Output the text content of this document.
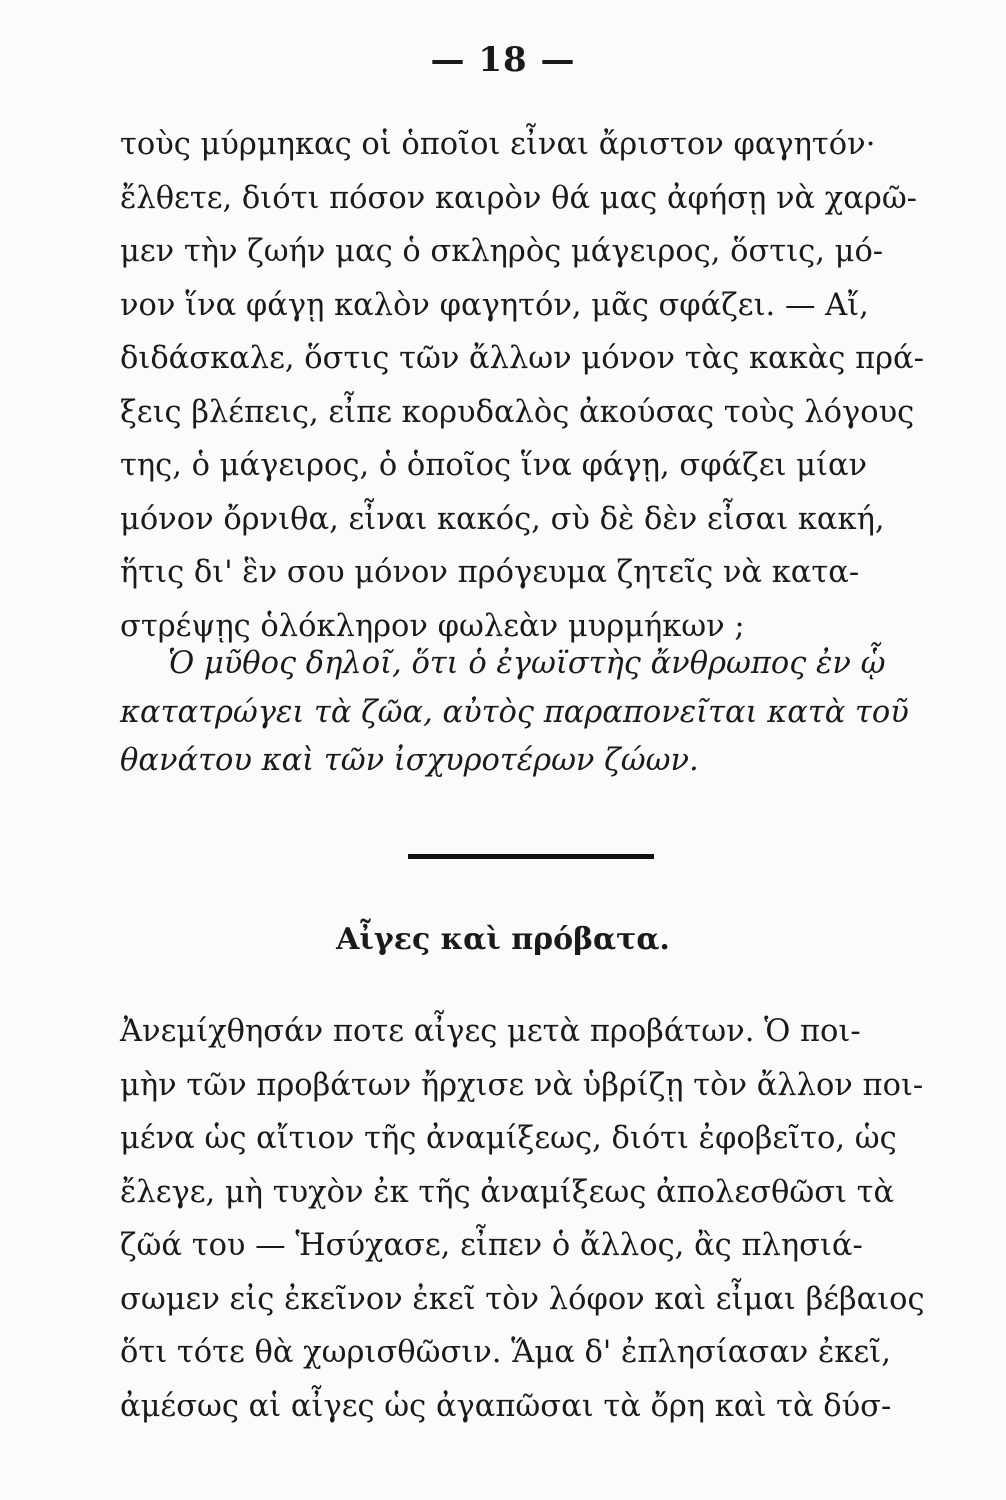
— 18 —
τοὺς μύρμηκας οἱ ὁποῖοι εἶναι ἄριστον φαγητόν·
ἔλθετε, διότι πόσον καιρὸν θά μας ἀφήσῃ νὰ χαρῶ-
μεν τὴν ζωήν μας ὁ σκληρὸς μάγειρος, ὅστις, μό-
νον ἵνα φάγῃ καλὸν φαγητόν, μᾶς σφάζει. — Αἴ,
διδάσκαλε, ὅστις τῶν ἄλλων μόνον τὰς κακὰς πρά-
ξεις βλέπεις, εἶπε κορυδαλὸς ἀκούσας τοὺς λόγους
της, ὁ μάγειρος, ὁ ὁποῖος ἵνα φάγῃ, σφάζει μίαν
μόνον ὄρνιθα, εἶναι κακός, σὺ δὲ δὲν εἶσαι κακή,
ἥτις δι' ἓν σου μόνον πρόγευμα ζητεῖς νὰ κατα-
στρέψῃς ὁλόκληρον φωλεὰν μυρμήκων ;
Ὁ μῦθος δηλοῖ, ὅτι ὁ ἐγωϊστὴς ἄνθρωπος ἐν ᾧ
κατατρώγει τὰ ζῶα, αὐτὸς παραπονεῖται κατὰ τοῦ
θανάτου καὶ τῶν ἰσχυροτέρων ζώων.
Αἶγες καὶ πρόβατα.
Ἀνεμίχθησάν ποτε αἶγες μετὰ προβάτων. Ὁ ποι-
μὴν τῶν προβάτων ἤρχισε νὰ ὑβρίζῃ τὸν ἄλλον ποι-
μένα ὡς αἴτιον τῆς ἀναμίξεως, διότι ἐφοβεῖτο, ὡς
ἔλεγε, μὴ τυχὸν ἐκ τῆς ἀναμίξεως ἀπολεσθῶσι τὰ
ζῶά του — Ἡσύχασε, εἶπεν ὁ ἄλλος, ἂς πλησιά-
σωμεν εἰς ἐκεῖνον ἐκεῖ τὸν λόφον καὶ εἶμαι βέβαιος
ὅτι τότε θὰ χωρισθῶσιν. Ἅμα δ' ἐπλησίασαν ἐκεῖ,
ἀμέσως αἱ αἶγες ὡς ἀγαπῶσαι τὰ ὄρη καὶ τὰ δύσ-
